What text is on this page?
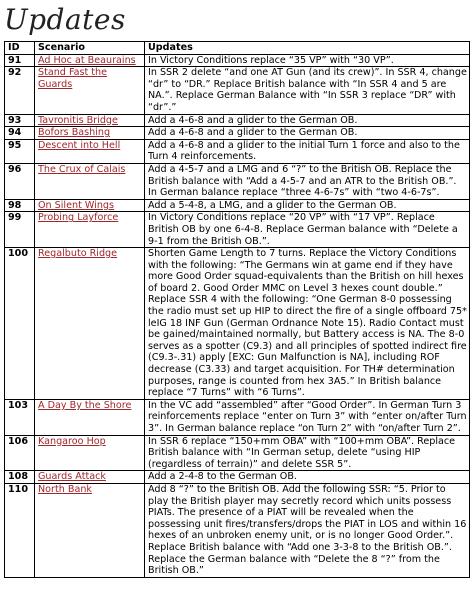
Updates
ID	Scenario	Updates
91	Ad Hoc at Beaurains	In Victory Conditions replace “35 VP” with “30 VP”.
92	Stand Fast the Guards	In SSR 2 delete “and one AT Gun (and its crew)”. In SSR 4, change “dr” to “DR.” Replace British balance with “In SSR 4 and 5 are NA.”. Replace German Balance with “In SSR 3 replace “DR” with “dr”.”
93	Tavronitis Bridge	Add a 4-6-8 and a glider to the German OB.
94	Bofors Bashing	Add a 4-6-8 and a glider to the German OB.
95	Descent into Hell	Add a 4-6-8 and a glider to the initial Turn 1 force and also to the Turn 4 reinforcements.
96	The Crux of Calais	Add a 4-5-7 and a LMG and 6 “?” to the British OB. Replace the British balance with “Add a 4-5-7 and an ATR to the British OB.”. In German balance replace “three 4-6-7s” with “two 4-6-7s”.
98	On Silent Wings	Add a 5-4-8, a LMG, and a glider to the German OB.
99	Probing Layforce	In Victory Conditions replace “20 VP” with “17 VP”. Replace British OB by one 6-4-8. Replace German balance with “Delete a 9-1 from the British OB.”.
100	Regalbuto Ridge	Shorten Game Length to 7 turns. Replace the Victory Conditions with the following: “The Germans win at game end if they have more Good Order squad-equivalents than the British on hill hexes of board 2. Good Order MMC on Level 3 hexes count double.” Replace SSR 4 with the following: “One German 8-0 possessing the radio must set up HIP to direct the fire of a single offboard 75* leIG 18 INF Gun (German Ordnance Note 15). Radio Contact must be gained/maintained normally, but Battery access is NA. The 8-0 serves as a spotter (C9.3) and all principles of spotted indirect fire (C9.3-.31) apply [EXC: Gun Malfunction is NA], including ROF decrease (C3.33) and target acquisition. For TH# determination purposes, range is counted from hex 3A5.” In British balance replace “7 Turns” with “6 Turns”.
103	A Day By the Shore	In the VC add “assembled” after “Good Order”. In German Turn 3 reinforcements replace “enter on Turn 3” with “enter on/after Turn 3”. In German balance replace “on Turn 2” with “on/after Turn 2”.
106	Kangaroo Hop	In SSR 6 replace “150+mm OBA” with “100+mm OBA”. Replace British balance with “In German setup, delete “using HIP (regardless of terrain)” and delete SSR 5”.
108	Guards Attack	Add a 2-4-8 to the German OB.
110	North Bank	Add 8 “?” to the British OB. Add the following SSR: “5. Prior to play the British player may secretly record which units possess PIATs. The presence of a PIAT will be revealed when the possessing unit fires/transfers/drops the PIAT in LOS and within 16 hexes of an unbroken enemy unit, or is no longer Good Order.”. Replace British balance with “Add one 3-3-8 to the British OB.”. Replace the German balance with “Delete the 8 “?” from the British OB.”
